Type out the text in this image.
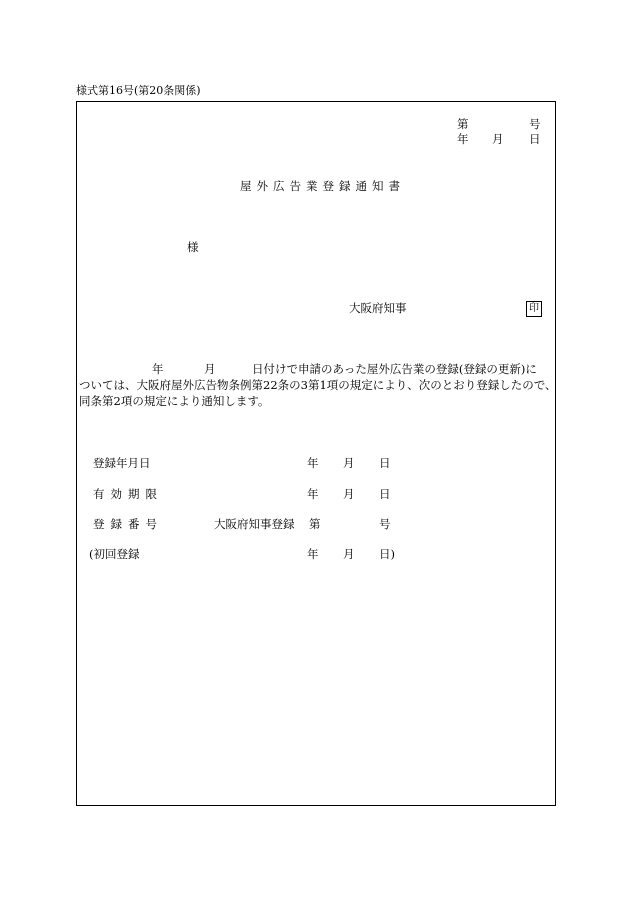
様式第16号(第20条関係)
第	号
年 月 日
屋外広告業登録通知書
様
大阪府知事	印
年	月	日付けで申請のあった屋外広告業の登録(登録の更新)に
ついては、大阪府屋外広告物条例第22条の3第1項の規定により、次のとおり登録したので、
同条第2項の規定により通知します。
登録年月日	年 月 日
有効期限	年 月 日
登録番号	大阪府知事登録 第	号
(初回登録	年 月 日)
